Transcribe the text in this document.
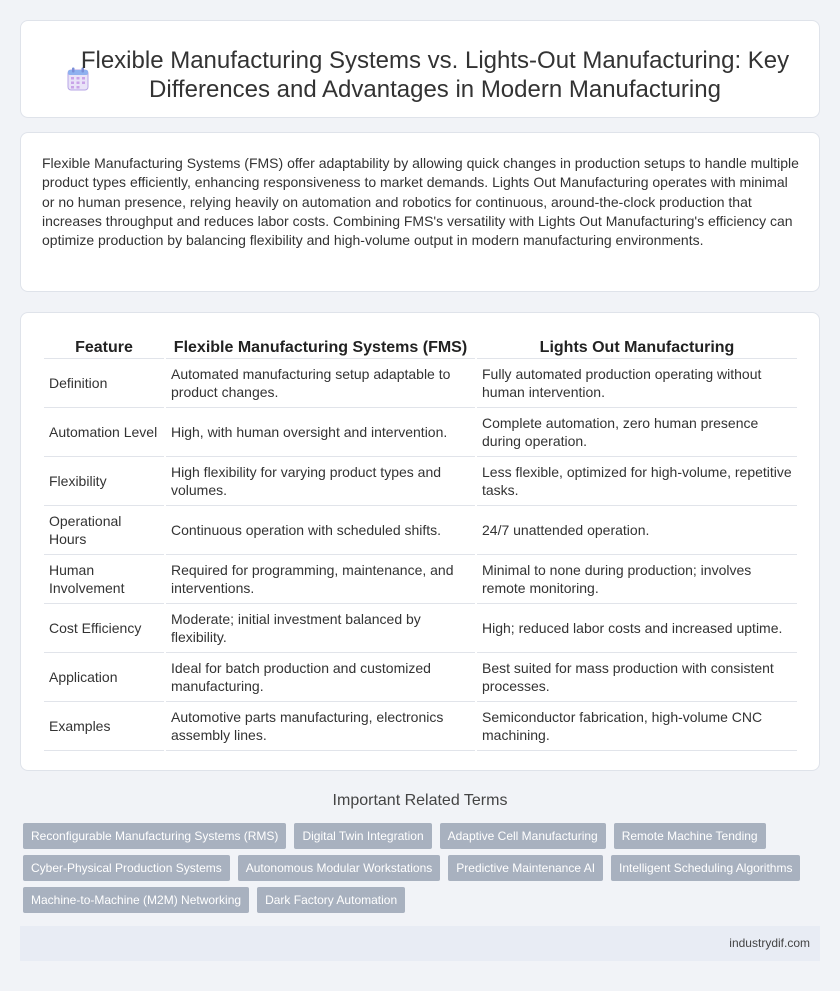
Flexible Manufacturing Systems vs. Lights-Out Manufacturing: Key Differences and Advantages in Modern Manufacturing

Flexible Manufacturing Systems (FMS) offer adaptability by allowing quick changes in production setups to handle multiple product types efficiently, enhancing responsiveness to market demands. Lights Out Manufacturing operates with minimal or no human presence, relying heavily on automation and robotics for continuous, around-the-clock production that increases throughput and reduces labor costs. Combining FMS's versatility with Lights Out Manufacturing's efficiency can optimize production by balancing flexibility and high-volume output in modern manufacturing environments.

Feature	Flexible Manufacturing Systems (FMS)	Lights Out Manufacturing
Definition	Automated manufacturing setup adaptable to product changes.	Fully automated production operating without human intervention.
Automation Level	High, with human oversight and intervention.	Complete automation, zero human presence during operation.
Flexibility	High flexibility for varying product types and volumes.	Less flexible, optimized for high-volume, repetitive tasks.
Operational Hours	Continuous operation with scheduled shifts.	24/7 unattended operation.
Human Involvement	Required for programming, maintenance, and interventions.	Minimal to none during production; involves remote monitoring.
Cost Efficiency	Moderate; initial investment balanced by flexibility.	High; reduced labor costs and increased uptime.
Application	Ideal for batch production and customized manufacturing.	Best suited for mass production with consistent processes.
Examples	Automotive parts manufacturing, electronics assembly lines.	Semiconductor fabrication, high-volume CNC machining.
Important Related Terms
Reconfigurable Manufacturing Systems (RMS)	Digital Twin Integration	Adaptive Cell Manufacturing	Remote Machine Tending
Cyber-Physical Production Systems	Autonomous Modular Workstations	Predictive Maintenance AI	Intelligent Scheduling Algorithms
Machine-to-Machine (M2M) Networking	Dark Factory Automation
industrydif.com
